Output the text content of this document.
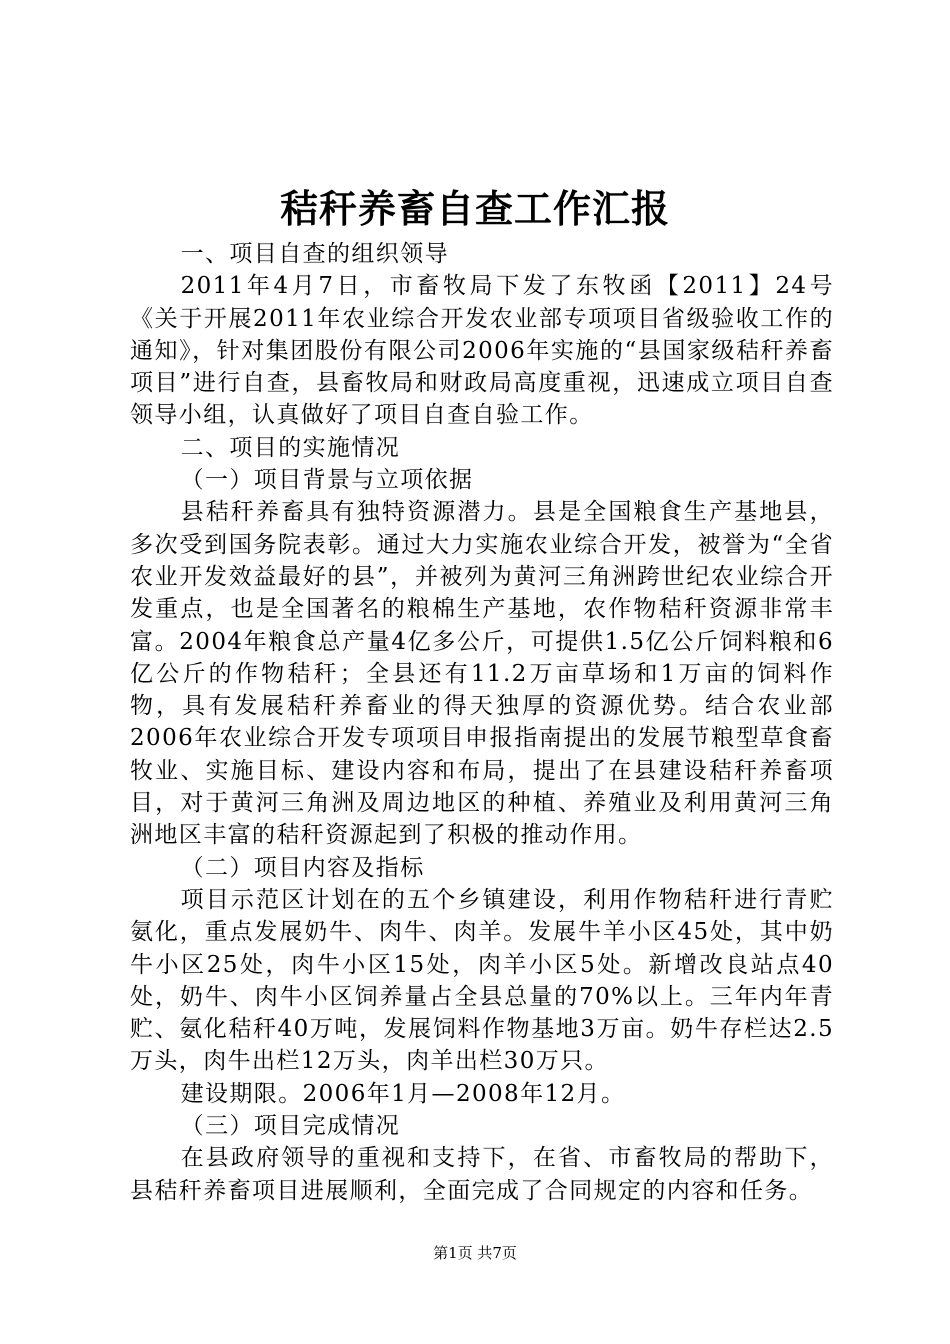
秸秆养畜自查工作汇报

一、项目自查的组织领导

2011年4月7日，市畜牧局下发了东牧函【2011】24号《关于开展2011年农业综合开发农业部专项项目省级验收工作的通知》，针对集团股份有限公司2006年实施的“县国家级秸秆养畜项目”进行自查，县畜牧局和财政局高度重视，迅速成立项目自查领导小组，认真做好了项目自查自验工作。

二、项目的实施情况

（一）项目背景与立项依据

县秸秆养畜具有独特资源潜力。县是全国粮食生产基地县，多次受到国务院表彰。通过大力实施农业综合开发，被誉为“全省农业开发效益最好的县”，并被列为黄河三角洲跨世纪农业综合开发重点，也是全国著名的粮棉生产基地，农作物秸秆资源非常丰富。2004年粮食总产量4亿多公斤，可提供1.5亿公斤饲料粮和6亿公斤的作物秸秆；全县还有11.2万亩草场和1万亩的饲料作物，具有发展秸秆养畜业的得天独厚的资源优势。结合农业部2006年农业综合开发专项项目申报指南提出的发展节粮型草食畜牧业、实施目标、建设内容和布局，提出了在县建设秸秆养畜项目，对于黄河三角洲及周边地区的种植、养殖业及利用黄河三角洲地区丰富的秸秆资源起到了积极的推动作用。

（二）项目内容及指标

项目示范区计划在的五个乡镇建设，利用作物秸秆进行青贮氨化，重点发展奶牛、肉牛、肉羊。发展牛羊小区45处，其中奶牛小区25处，肉牛小区15处，肉羊小区5处。新增改良站点40处，奶牛、肉牛小区饲养量占全县总量的70%以上。三年内年青贮、氨化秸秆40万吨，发展饲料作物基地3万亩。奶牛存栏达2.5万头，肉牛出栏12万头，肉羊出栏30万只。

建设期限。2006年1月—2008年12月。

（三）项目完成情况

在县政府领导的重视和支持下，在省、市畜牧局的帮助下，县秸秆养畜项目进展顺利，全面完成了合同规定的内容和任务。

第1页 共7页
